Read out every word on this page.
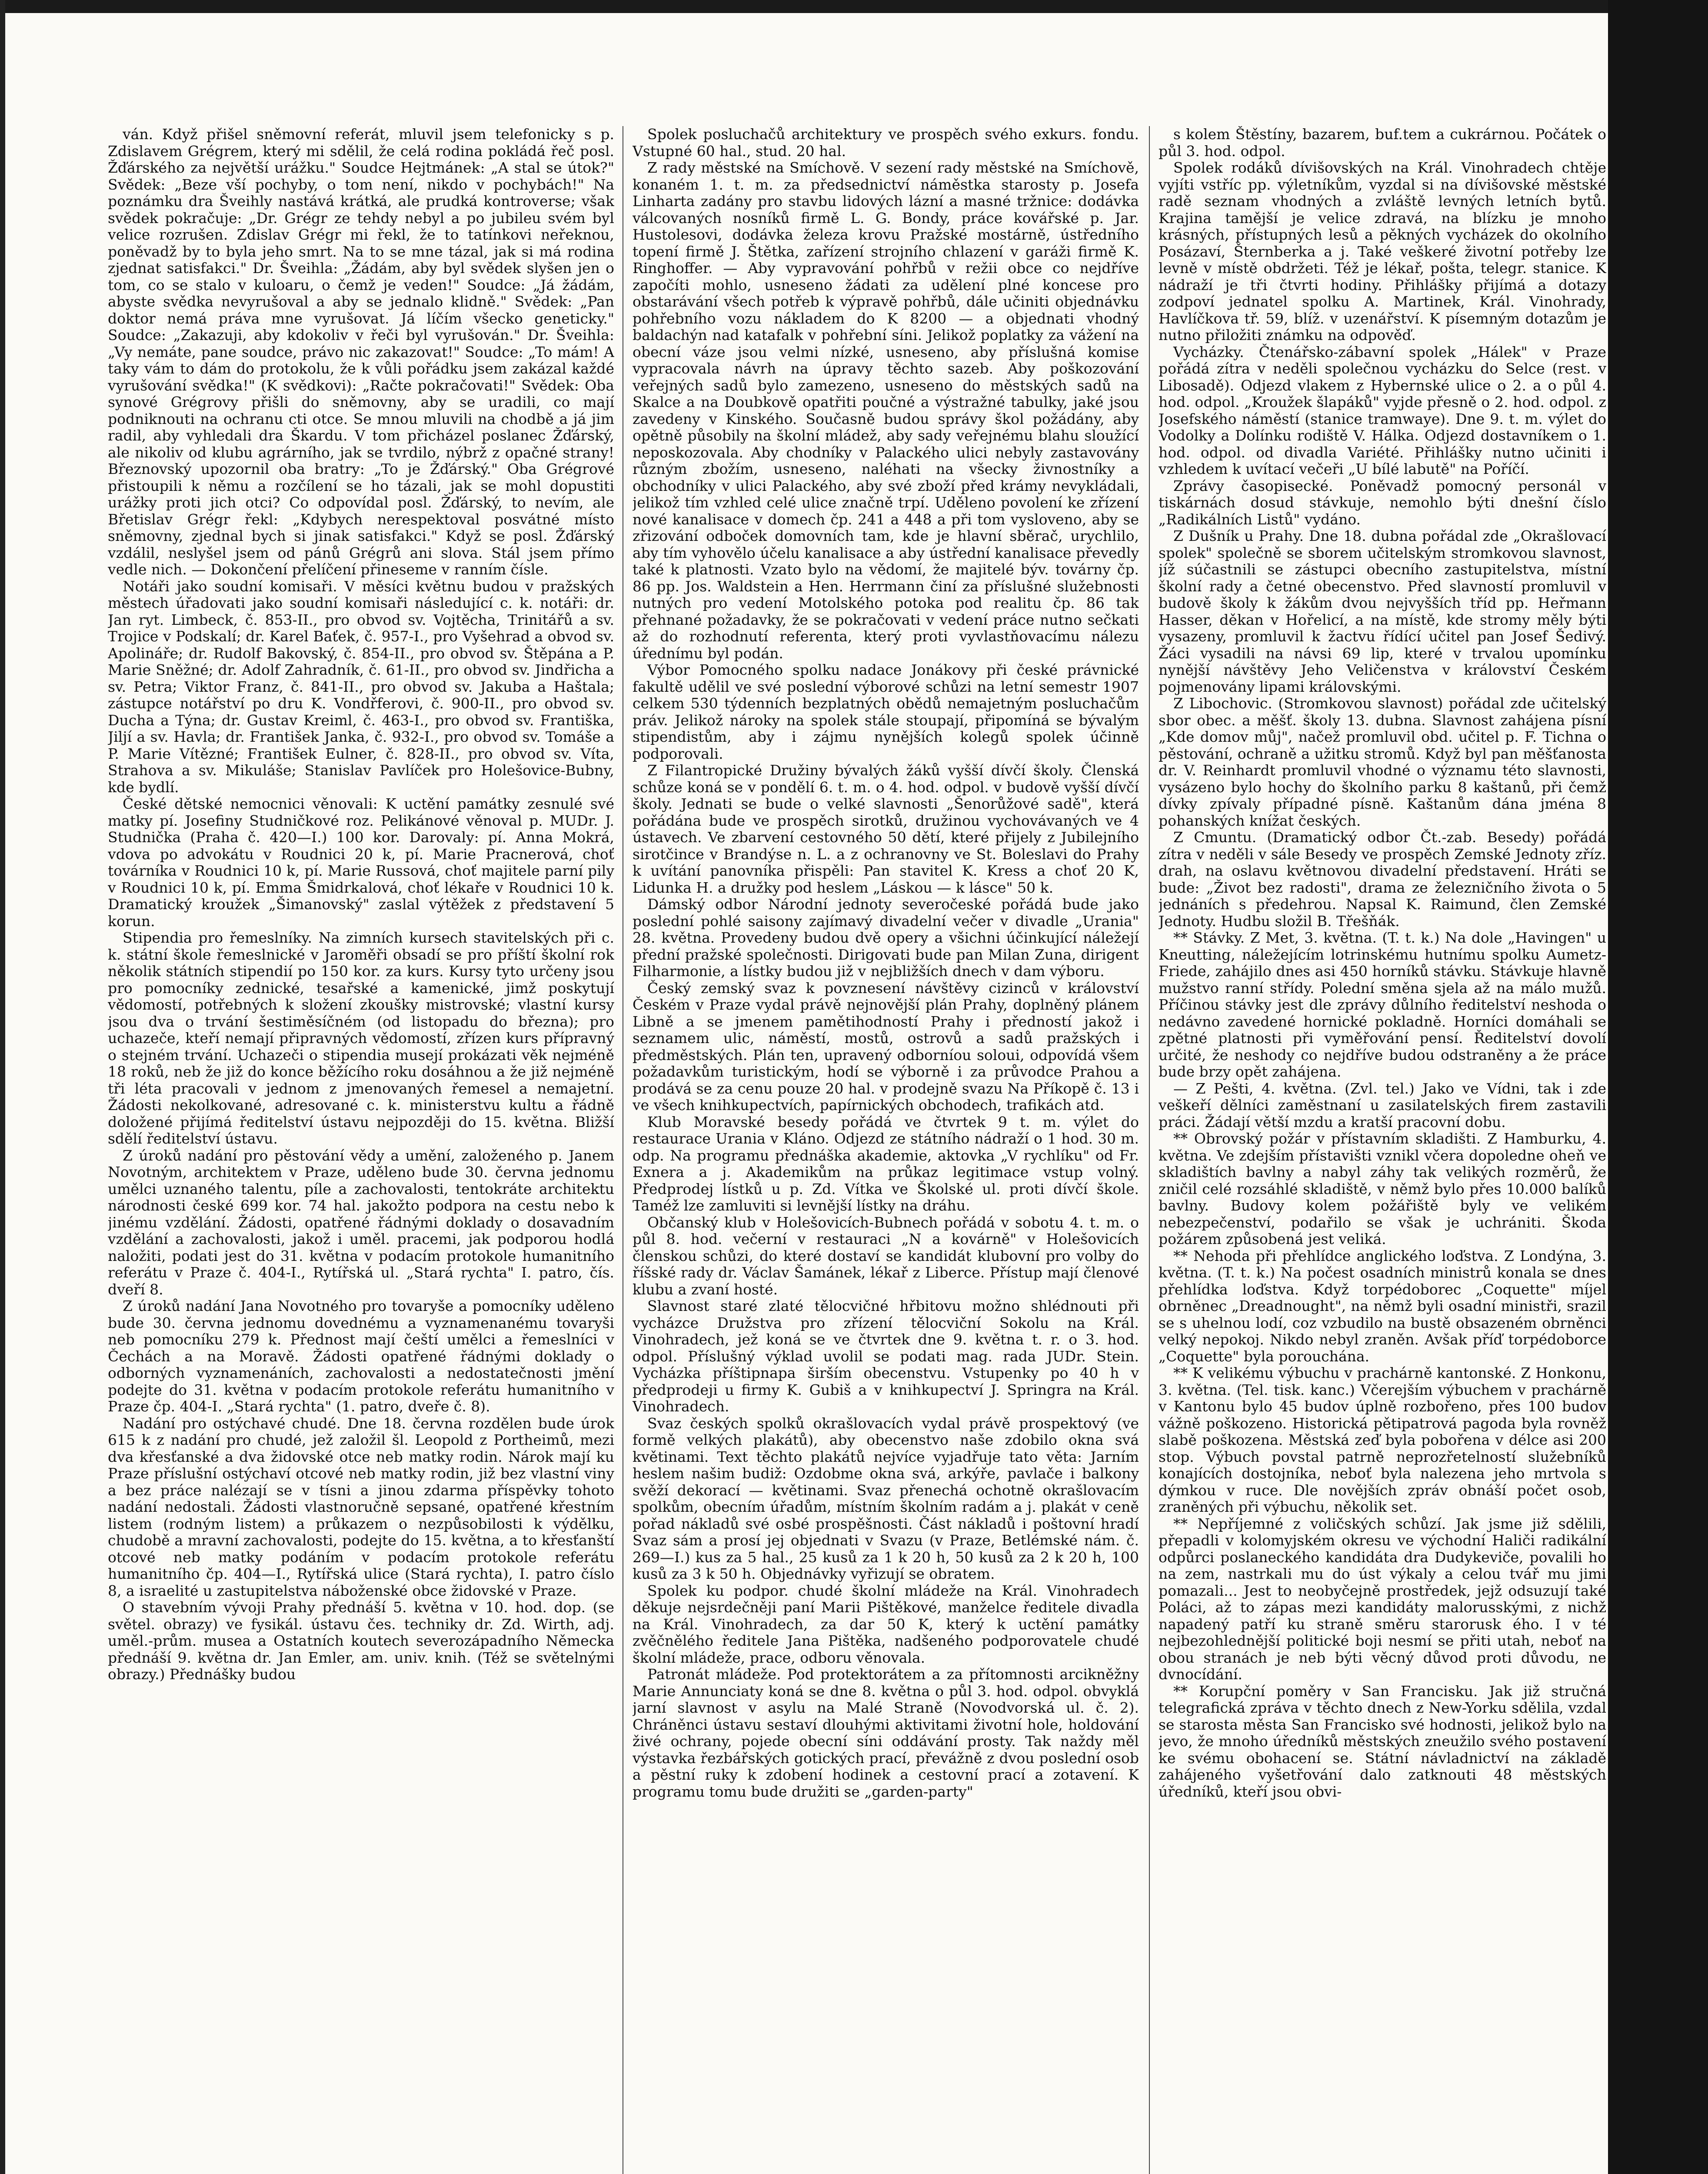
ván. Když přišel sněmovní referát, mluvil jsem telefonicky s p. Zdislavem Grégrem, který mi sdělil, že celá rodina pokládá řeč posl. Žďárského za největší urážku." Soudce Hejtmánek: „A stal se útok?" Svědek: „Beze vší pochyby, o tom není, nikdo v pochybách!" Na poznámku dra Šveihly nastává krátká, ale prudká kontroverse; však svědek pokračuje: „Dr. Grégr ze tehdy nebyl a po jubileu svém byl velice rozrušen. Zdislav Grégr mi řekl, že to tatínkovi neřeknou, poněvadž by to byla jeho smrt. Na to se mne tázal, jak si má rodina zjednat satisfakci." Dr. Šveihla: „Žádám, aby byl svědek slyšen jen o tom, co se stalo v kuloaru, o čemž je veden!" Soudce: „Já žádám, abyste svědka nevyrušoval a aby se jednalo klidně." Svědek: „Pan doktor nemá práva mne vyrušovat. Já líčím všecko geneticky." Soudce: „Zakazuji, aby kdokoliv v řeči byl vyrušován." Dr. Šveihla: „Vy nemáte, pane soudce, právo nic zakazovat!" Soudce: „To mám! A taky vám to dám do protokolu, že k vůli pořádku jsem zakázal každé vyrušování svědka!" (K svědkovi): „Račte pokračovati!" Svědek: Oba synové Grégrovy přišli do sněmovny, aby se uradili, co mají podniknouti na ochranu cti otce. Se mnou mluvili na chodbě a já jim radil, aby vyhledali dra Škardu. V tom přicházel poslanec Žďárský, ale nikoliv od klubu agrárního, jak se tvrdilo, nýbrž z opačné strany! Březnovský upozornil oba bratry: „To je Žďárský." Oba Grégrové přistoupili k němu a rozčílení se ho tázali, jak se mohl dopustiti urážky proti jich otci? Co odpovídal posl. Žďárský, to nevím, ale Břetislav Grégr řekl: „Kdybych nerespektoval posvátné místo sněmovny, zjednal bych si jinak satisfakci." Když se posl. Žďárský vzdálil, neslyšel jsem od pánů Grégrů ani slova. Stál jsem přímo vedle nich. — Dokončení přelíčení přineseme v ranním čísle.

Notáři jako soudní komisaři. V měsíci květnu budou v pražských městech úřadovati jako soudní komisaři následující c. k. notáři: dr. Jan ryt. Limbeck, č. 853-II., pro obvod sv. Vojtěcha, Trinitářů a sv. Trojice v Podskalí; dr. Karel Baťek, č. 957-I., pro Vyšehrad a obvod sv. Apolináře; dr. Rudolf Bakovský, č. 854-II., pro obvod sv. Štěpána a P. Marie Sněžné; dr. Adolf Zahradník, č. 61-II., pro obvod sv. Jindřicha a sv. Petra; Viktor Franz, č. 841-II., pro obvod sv. Jakuba a Haštala; zástupce notářství po dru K. Vondřferovi, č. 900-II., pro obvod sv. Ducha a Týna; dr. Gustav Kreiml, č. 463-I., pro obvod sv. Františka, Jiljí a sv. Havla; dr. František Janka, č. 932-I., pro obvod sv. Tomáše a P. Marie Vítězné; František Eulner, č. 828-II., pro obvod sv. Víta, Strahova a sv. Mikuláše; Stanislav Pavlíček pro Holešovice-Bubny, kde bydlí.

České dětské nemocnici věnovali: K uctění památky zesnulé své matky pí. Josefiny Studničkové roz. Pelikánové věnoval p. MUDr. J. Studnička (Praha č. 420—I.) 100 kor. Darovaly: pí. Anna Mokrá, vdova po advokátu v Roudnici 20 k, pí. Marie Pracnerová, choť továrníka v Roudnici 10 k, pí. Marie Russová, choť majitele parní pily v Roudnici 10 k, pí. Emma Šmidrkalová, choť lékaře v Roudnici 10 k. Dramatický kroužek „Šimanovský" zaslal výtěžek z představení 5 korun.

Stipendia pro řemeslníky. Na zimních kursech stavitelských při c. k. státní škole řemeslnické v Jaroměři obsadí se pro příští školní rok několik státních stipendií po 150 kor. za kurs. Kursy tyto určeny jsou pro pomocníky zednické, tesařské a kamenické, jimž poskytují vědomostí, potřebných k složení zkoušky mistrovské; vlastní kursy jsou dva o trvání šestiměsíčném (od listopadu do března); pro uchazeče, kteří nemají připravných vědomostí, zřízen kurs přípravný o stejném trvání. Uchazeči o stipendia musejí prokázati věk nejméně 18 roků, neb že již do konce běžícího roku dosáhnou a že již nejméně tři léta pracovali v jednom z jmenovaných řemesel a nemajetní. Žádosti nekolkované, adresované c. k. ministerstvu kultu a řádně doložené přijímá ředitelství ústavu nejpozději do 15. května. Bližší sdělí ředitelství ústavu.

Z úroků nadání pro pěstování vědy a umění, založeného p. Janem Novotným, architektem v Praze, uděleno bude 30. června jednomu umělci uznaného talentu, píle a zachovalosti, tentokráte architektu národnosti české 699 kor. 74 hal. jakožto podpora na cestu nebo k jinému vzdělání. Žádosti, opatřené řádnými doklady o dosavadním vzdělání a zachovalosti, jakož i uměl. pracemi, jak podporou hodlá naložiti, podati jest do 31. května v podacím protokole humanitního referátu v Praze č. 404-I., Rytířská ul. „Stará rychta" I. patro, čís. dveří 8.

Z úroků nadání Jana Novotného pro tovaryše a pomocníky uděleno bude 30. června jednomu dovednému a vyznamenanému tovaryši neb pomocníku 279 k. Přednost mají čeští umělci a řemeslníci v Čechách a na Moravě. Žádosti opatřené řádnými doklady o odborných vyznamenáních, zachovalosti a nedostatečnosti jmění podejte do 31. května v podacím protokole referátu humanitního v Praze čp. 404-I. „Stará rychta" (1. patro, dveře č. 8).

Nadání pro ostýchavé chudé. Dne 18. června rozdělen bude úrok 615 k z nadání pro chudé, jež založil šl. Leopold z Portheimů, mezi dva křesťanské a dva židovské otce neb matky rodin. Nárok mají ku Praze příslušní ostýchaví otcové neb matky rodin, již bez vlastní viny a bez práce nalézají se v tísni a jinou zdarma příspěvky tohoto nadání nedostali. Žádosti vlastnoručně sepsané, opatřené křestním listem (rodným listem) a průkazem o nezpůsobilosti k výdělku, chudobě a mravní zachovalosti, podejte do 15. května, a to křesťanští otcové neb matky podáním v podacím protokole referátu humanitního čp. 404—I., Rytířská ulice (Stará rychta), I. patro číslo 8, a israelité u zastupitelstva náboženské obce židovské v Praze.

O stavebním vývoji Prahy přednáší 5. května v 10. hod. dop. (se světel. obrazy) ve fysikál. ústavu čes. techniky dr. Zd. Wirth, adj. uměl.-prům. musea a Ostatních koutech severozápadního Německa přednáší 9. května dr. Jan Emler, am. univ. knih. (Též se světelnými obrazy.) Přednášky budou

Spolek posluchačů architektury ve prospěch svého exkurs. fondu. Vstupné 60 hal., stud. 20 hal.

Z rady městské na Smíchově. V sezení rady městské na Smíchově, konaném 1. t. m. za předsednictví náměstka starosty p. Josefa Linharta zadány pro stavbu lidových lázní a masné tržnice: dodávka válcovaných nosníků firmě L. G. Bondy, práce kovářské p. Jar. Hustolesovi, dodávka železa krovu Pražské mostárně, ústředního topení firmě J. Štětka, zařízení strojního chlazení v garáži firmě K. Ringhoffer. — Aby vypravování pohřbů v režii obce co nejdříve započíti mohlo, usneseno žádati za udělení plné koncese pro obstarávání všech potřeb k výpravě pohřbů, dále učiniti objednávku pohřebního vozu nákladem do K 8200 — a objednati vhodný baldachýn nad katafalk v pohřební síni. Jelikož poplatky za vážení na obecní váze jsou velmi nízké, usneseno, aby příslušná komise vypracovala návrh na úpravy těchto sazeb. Aby poškozování veřejných sadů bylo zamezeno, usneseno do městských sadů na Skalce a na Doubkově opatřiti poučné a výstražné tabulky, jaké jsou zavedeny v Kinského. Současně budou správy škol požádány, aby opětně působily na školní mládež, aby sady veřejnému blahu sloužící neposkozovala. Aby chodníky v Palackého ulici nebyly zastavovány různým zbožím, usneseno, naléhati na všecky živnostníky a obchodníky v ulici Palackého, aby své zboží před krámy nevykládali, jelikož tím vzhled celé ulice značně trpí. Uděleno povolení ke zřízení nové kanalisace v domech čp. 241 a 448 a při tom vysloveno, aby se zřizování odboček domovních tam, kde je hlavní sběrač, urychlilo, aby tím vyhovělo účelu kanalisace a aby ústřední kanalisace převedly také k platnosti. Vzato bylo na vědomí, že majitelé býv. továrny čp. 86 pp. Jos. Waldstein a Hen. Herrmann činí za příslušné služebnosti nutných pro vedení Motolského potoka pod realitu čp. 86 tak přehnané požadavky, že se pokračovati v vedení práce nutno sečkati až do rozhodnutí referenta, který proti vyvlastňovacímu nálezu úřednímu byl podán.

Výbor Pomocného spolku nadace Jonákovy při české právnické fakultě udělil ve své poslední výborové schůzi na letní semestr 1907 celkem 530 týdenních bezplatných obědů nemajetným posluchačům práv. Jelikož nároky na spolek stále stoupají, připomíná se bývalým stipendistům, aby i zájmu nynějších kolegů spolek účinně podporovali.

Z Filantropické Družiny bývalých žáků vyšší dívčí školy. Členská schůze koná se v pondělí 6. t. m. o 4. hod. odpol. v budově vyšší dívčí školy. Jednati se bude o velké slavnosti „Šenorůžové sadě", která pořádána bude ve prospěch sirotků, družinou vychovávaných ve 4 ústavech. Ve zbarvení cestovného 50 dětí, které přijely z Jubilejního sirotčince v Brandýse n. L. a z ochranovny ve St. Boleslavi do Prahy k uvítání panovníka přispěli: Pan stavitel K. Kress a choť 20 K, Lidunka H. a družky pod heslem „Láskou — k lásce" 50 k.

Dámský odbor Národní jednoty severočeské pořádá bude jako poslední pohlé saisony zajímavý divadelní večer v divadle „Urania" 28. května. Provedeny budou dvě opery a všichni účinkující náležejí přední pražské společnosti. Dirigovati bude pan Milan Zuna, dirigent Filharmonie, a lístky budou již v nejbližších dnech v dam výboru.

Český zemský svaz k povznesení návštěvy cizinců v království Českém v Praze vydal právě nejnovější plán Prahy, doplněný plánem Libně a se jmenem pamětihodností Prahy i předností jakož i seznamem ulic, náměstí, mostů, ostrovů a sadů pražských i předměstských. Plán ten, upravený odborníou soloui, odpovídá všem požadavkům turistickým, hodí se výborně i za průvodce Prahou a prodává se za cenu pouze 20 hal. v prodejně svazu Na Příkopě č. 13 i ve všech knihkupectvích, papírnických obchodech, trafikách atd.

Klub Moravské besedy pořádá ve čtvrtek 9 t. m. výlet do restaurace Urania v Kláno. Odjezd ze státního nádraží o 1 hod. 30 m. odp. Na programu přednáška akademie, aktovka „V rychlíku" od Fr. Exnera a j. Akademikům na průkaz legitimace vstup volný. Předprodej lístků u p. Zd. Vítka ve Školské ul. proti dívčí škole. Taméž lze zamluviti si levnější lístky na dráhu.

Občanský klub v Holešovicích-Bubnech pořádá v sobotu 4. t. m. o půl 8. hod. večerní v restauraci „N a kovárně" v Holešovicích členskou schůzi, do které dostaví se kandidát klubovní pro volby do říšské rady dr. Václav Šamánek, lékař z Liberce. Přístup mají členové klubu a zvaní hosté.

Slavnost staré zlaté tělocvičné hřbitovu možno shlédnouti při vycházce Družstva pro zřízení tělocviční Sokolu na Král. Vinohradech, jež koná se ve čtvrtek dne 9. května t. r. o 3. hod. odpol. Příslušný výklad uvolil se podati mag. rada JUDr. Stein. Vycházka příštipnapa širším obecenstvu. Vstupenky po 40 h v předprodeji u firmy K. Gubiš a v knihkupectví J. Springra na Král. Vinohradech.

Svaz českých spolků okrašlovacích vydal právě prospektový (ve formě velkých plakátů), aby obecenstvo naše zdobilo okna svá květinami. Text těchto plakátů nejvíce vyjadřuje tato věta: Jarním heslem našim budiž: Ozdobme okna svá, arkýře, pavlače i balkony svěží dekorací — květinami. Svaz přenechá ochotně okrašlovacím spolkům, obecním úřadům, místním školním radám a j. plakát v ceně pořad nákladů své osbé prospěšnosti. Část nákladů i poštovní hradí Svaz sám a prosí jej objednati v Svazu (v Praze, Betlémské nám. č. 269—I.) kus za 5 hal., 25 kusů za 1 k 20 h, 50 kusů za 2 k 20 h, 100 kusů za 3 k 50 h. Objednávky vyřizují se obratem.

Spolek ku podpor. chudé školní mládeže na Král. Vinohradech děkuje nejsrdečněji paní Marii Pištěkové, manželce ředitele divadla na Král. Vinohradech, za dar 50 K, který k uctění památky zvěčnělého ředitele Jana Pištěka, nadšeného podporovatele chudé školní mládeže, prace, odboru věnovala.

Patronát mládeže. Pod protektorátem a za přítomnosti arcikněžny Marie Annunciaty koná se dne 8. května o půl 3. hod. odpol. obvyklá jarní slavnost v asylu na Malé Straně (Novodvorská ul. č. 2). Chráněnci ústavu sestaví dlouhými aktivitami životní hole, holdování živé ochrany, pojede obecní síni oddávání prosty. Tak naždy měl výstavka řezbářských gotických prací, převážně z dvou poslední osob a pěstní ruky k zdobení hodinek a cestovní prací a zotavení. K programu tomu bude družiti se „garden-party"

s kolem Štěstíny, bazarem, buf.tem a cukrárnou. Počátek o půl 3. hod. odpol.

Spolek rodáků dívišovských na Král. Vinohradech chtěje vyjíti vstříc pp. výletníkům, vyzdal si na dívišovské městské radě seznam vhodných a zvláště levných letních bytů. Krajina tamější je velice zdravá, na blízku je mnoho krásných, přístupných lesů a pěkných vycházek do okolního Posázaví, Šternberka a j. Také veškeré životní potřeby lze levně v místě obdržeti. Též je lékař, pošta, telegr. stanice. K nádraží je tři čtvrti hodiny. Přihlášky přijímá a dotazy zodpoví jednatel spolku A. Martinek, Král. Vinohrady, Havlíčkova tř. 59, blíž. v uzenářství. K písemným dotazům je nutno přiložiti známku na odpověď.

Vycházky. Čtenářsko-zábavní spolek „Hálek" v Praze pořádá zítra v neděli společnou vycházku do Selce (rest. v Libosadě). Odjezd vlakem z Hybernské ulice o 2. a o půl 4. hod. odpol. „Kroužek šlapáků" vyjde přesně o 2. hod. odpol. z Josefského náměstí (stanice tramwaye). Dne 9. t. m. výlet do Vodolky a Dolínku rodiště V. Hálka. Odjezd dostavníkem o 1. hod. odpol. od divadla Variété. Přihlášky nutno učiniti i vzhledem k uvítací večeři „U bílé labutě" na Poříčí.

Zprávy časopisecké. Poněvadž pomocný personál v tiskárnách dosud stávkuje, nemohlo býti dnešní číslo „Radikálních Listů" vydáno.

Z Dušník u Prahy. Dne 18. dubna pořádal zde „Okrašlovací spolek" společně se sborem učitelským stromkovou slavnost, jíž súčastnili se zástupci obecního zastupitelstva, místní školní rady a četné obecenstvo. Před slavností promluvil v budově školy k žákům dvou nejvyšších tříd pp. Heřmann Hasser, děkan v Hořelicí, a na místě, kde stromy měly býti vysazeny, promluvil k žactvu řídící učitel pan Josef Šedivý. Žáci vysadili na návsi 69 lip, které v trvalou upomínku nynější návštěvy Jeho Veličenstva v království Českém pojmenovány lipami královskými.

Z Libochovic. (Stromkovou slavnost) pořádal zde učitelský sbor obec. a měšť. školy 13. dubna. Slavnost zahájena písní „Kde domov můj", načež promluvil obd. učitel p. F. Tichna o pěstování, ochraně a užitku stromů. Když byl pan měšťanosta dr. V. Reinhardt promluvil vhodné o významu této slavnosti, vysázeno bylo hochy do školního parku 8 kaštanů, při čemž dívky zpívaly případné písně. Kaštanům dána jména 8 pohanských knížat českých.

Z Cmuntu. (Dramatický odbor Čt.-zab. Besedy) pořádá zítra v neděli v sále Besedy ve prospěch Zemské Jednoty zříz. drah, na oslavu květnovou divadelní představení. Hráti se bude: „Život bez radosti", drama ze železničního života o 5 jednáních s předehrou. Napsal K. Raimund, člen Zemské Jednoty. Hudbu složil B. Třešňák.

** Stávky. Z Met, 3. května. (T. t. k.) Na dole „Havingen" u Kneutting, náležejícím lotrinskému hutnímu spolku Aumetz-Friede, zahájilo dnes asi 450 horníků stávku. Stávkuje hlavně mužstvo ranní střídy. Polední směna sjela až na málo mužů. Příčinou stávky jest dle zprávy důlního ředitelství neshoda o nedávno zavedené hornické pokladně. Horníci domáhali se zpětné platnosti při vyměřování pensí. Ředitelství dovolí určité, že neshody co nejdříve budou odstraněny a že práce bude brzy opět zahájena.

— Z Pešti, 4. května. (Zvl. tel.) Jako ve Vídni, tak i zde veškeří dělníci zaměstnaní u zasilatelských firem zastavili práci. Žádají větší mzdu a kratší pracovní dobu.

** Obrovský požár v přístavním skladišti. Z Hamburku, 4. května. Ve zdejším přístavišti vznikl včera dopoledne oheň ve skladištích bavlny a nabyl záhy tak velikých rozměrů, že zničil celé rozsáhlé skladiště, v němž bylo přes 10.000 balíků bavlny. Budovy kolem požářiště byly ve velikém nebezpečenství, podařilo se však je uchrániti. Škoda požárem způsobená jest veliká.

** Nehoda při přehlídce anglického loďstva. Z Londýna, 3. května. (T. t. k.) Na počest osadních ministrů konala se dnes přehlídka loďstva. Když torpédoborec „Coquette" míjel obrněnec „Dreadnought", na němž byli osadní ministři, srazil se s uhelnou lodí, coz vzbudilo na bustě obsazeném obrněnci velký nepokoj. Nikdo nebyl zraněn. Avšak příď torpédoborce „Coquette" byla porouchána.

** K velikému výbuchu v prachárně kantonské. Z Honkonu, 3. května. (Tel. tisk. kanc.) Včerejším výbuchem v prachárně v Kantonu bylo 45 budov úplně rozbořeno, přes 100 budov vážně poškozeno. Historická pětipatrová pagoda byla rovněž slabě poškozena. Městská zeď byla pobořena v délce asi 200 stop. Výbuch povstal patrně neprozřetelností služebníků konajících dostojníka, neboť byla nalezena jeho mrtvola s dýmkou v ruce. Dle novějších zpráv obnáší počet osob, zraněných při výbuchu, několik set.

** Nepříjemné z voličských schůzí. Jak jsme již sdělili, přepadli v kolomyjském okresu ve východní Haliči radikální odpůrci poslaneckého kandidáta dra Dudykeviče, povalili ho na zem, nastrkali mu do úst výkaly a celou tvář mu jimi pomazali... Jest to neobyčejně prostředek, jejž odsuzují také Poláci, až to zápas mezi kandidáty malorusskými, z nichž napadený patří ku straně směru starorusk ého. I v té nejbezohlednější politické boji nesmí se přiti utah, neboť na obou stranách je neb býti věcný důvod proti důvodu, ne dvnocídání.

** Korupční poměry v San Francisku. Jak již stručná telegrafická zpráva v těchto dnech z New-Yorku sdělila, vzdal se starosta města San Francisko své hodnosti, jelikož bylo na jevo, že mnoho úředníků městských zneužilo svého postavení ke svému obohacení se. Státní návladnictví na základě zahájeného vyšetřování dalo zatknouti 48 městských úředníků, kteří jsou obvi-
